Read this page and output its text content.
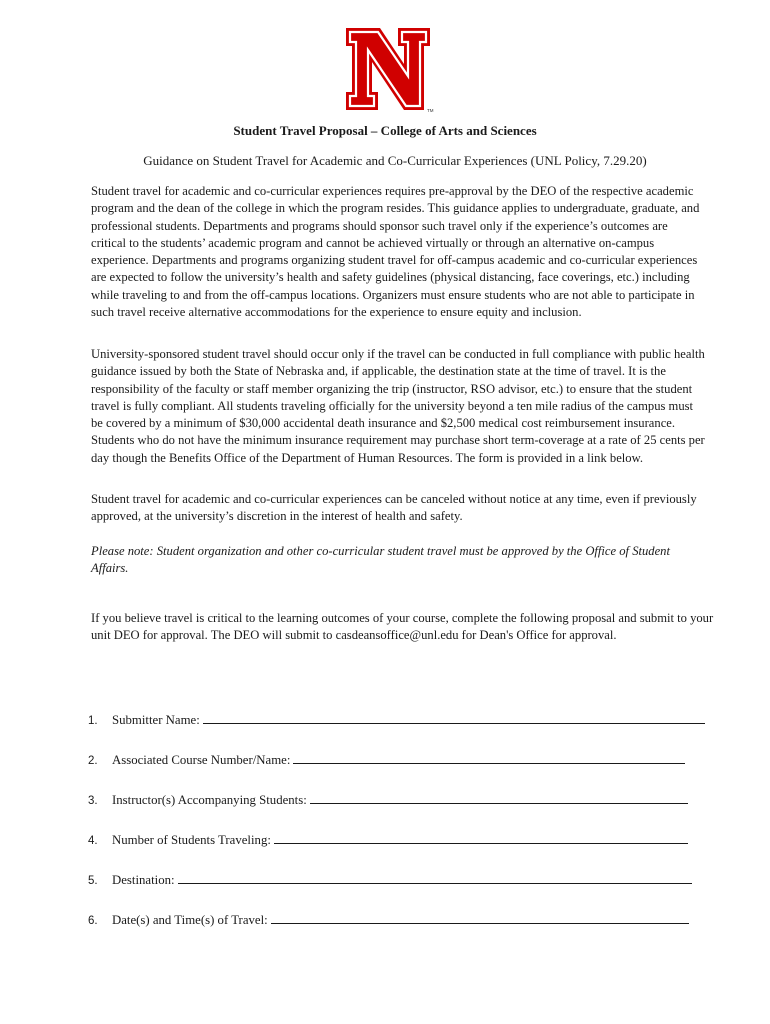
TM
Student Travel Proposal – College of Arts and Sciences
Guidance on Student Travel for Academic and Co-Curricular Experiences (UNL Policy, 7.29.20)

Student travel for academic and co-curricular experiences requires pre-approval by the DEO of the respective academic program and the dean of the college in which the program resides. This guidance applies to undergraduate, graduate, and professional students. Departments and programs should sponsor such travel only if the experience’s outcomes are critical to the students’ academic program and cannot be achieved virtually or through an alternative on-campus experience. Departments and programs organizing student travel for off-campus academic and co-curricular experiences are expected to follow the university’s health and safety guidelines (physical distancing, face coverings, etc.) including while traveling to and from the off-campus locations. Organizers must ensure students who are not able to participate in such travel receive alternative accommodations for the experience to ensure equity and inclusion.

University-sponsored student travel should occur only if the travel can be conducted in full compliance with public health guidance issued by both the State of Nebraska and, if applicable, the destination state at the time of travel. It is the responsibility of the faculty or staff member organizing the trip (instructor, RSO advisor, etc.) to ensure that the student travel is fully compliant. All students traveling officially for the university beyond a ten mile radius of the campus must be covered by a minimum of $30,000 accidental death insurance and $2,500 medical cost reimbursement insurance. Students who do not have the minimum insurance requirement may purchase short term-coverage at a rate of 25 cents per day though the Benefits Office of the Department of Human Resources. The form is provided in a link below.

Student travel for academic and co-curricular experiences can be canceled without notice at any time, even if previously approved, at the university’s discretion in the interest of health and safety.

Please note: Student organization and other co-curricular student travel must be approved by the Office of Student Affairs.

If you believe travel is critical to the learning outcomes of your course, complete the following proposal and submit to your unit DEO for approval. The DEO will submit to casdeansoffice@unl.edu for Dean's Office for approval.

1.	Submitter Name:
2.	Associated Course Number/Name:
3.	Instructor(s) Accompanying Students:
4.	Number of Students Traveling:
5.	Destination:
6.	Date(s) and Time(s) of Travel:
